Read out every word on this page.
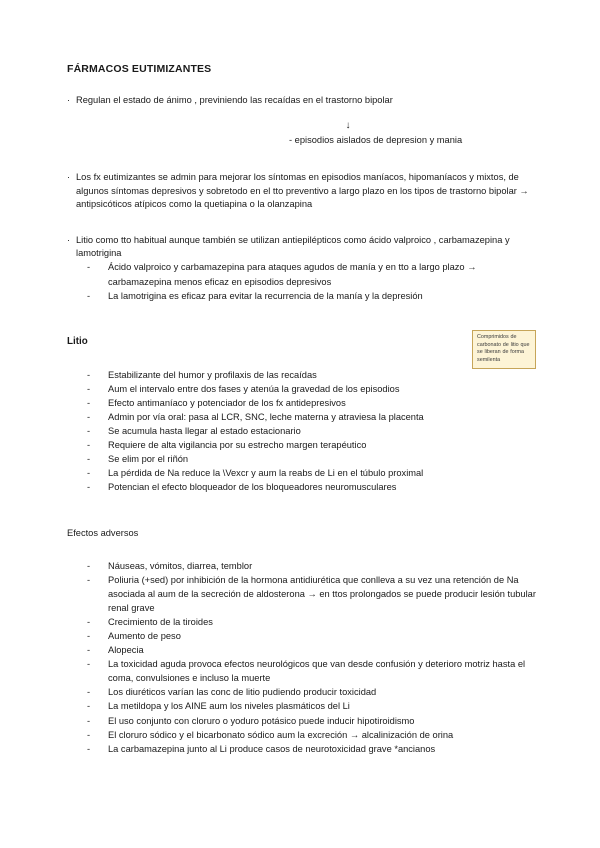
FÁRMACOS EUTIMIZANTES
· Regulan el estado de ánimo , previniendo las recaídas en el trastorno bipolar
↓
- episodios aislados de depresion y mania
· Los fx eutimizantes se admin para mejorar los síntomas en episodios maníacos, hipomaníacos y mixtos, de algunos síntomas depresivos y sobretodo en el tto preventivo a largo plazo en los tipos de trastorno bipolar → antipsicóticos atípicos como la quetiapina o la olanzapina
· Litio como tto habitual aunque también se utilizan antiepilépticos como ácido valproico , carbamazepina y lamotrigina
- Ácido valproico y carbamazepina para ataques agudos de manía y en tto a largo plazo → carbamazepina menos eficaz en episodios depresivos
- La lamotrigina es eficaz para evitar la recurrencia de la manía y la depresión
Litio
- Estabilizante del humor y profilaxis de las recaídas
- Aum el intervalo entre dos fases y atenúa la gravedad de los episodios
- Efecto antimaníaco y potenciador de los fx antidepresivos
- Admin por vía oral: pasa al LCR, SNC, leche materna y atraviesa la placenta
- Se acumula hasta llegar al estado estacionario
- Requiere de alta vigilancia por su estrecho margen terapéutico
- Se elim por el riñón
- La pérdida de Na reduce la \Vexcr y aum la reabs de Li en el túbulo proximal
- Potencian el efecto bloqueador de los bloqueadores neuromusculares
Efectos adversos
- Náuseas, vómitos, diarrea, temblor
- Poliuria (+sed) por inhibición de la hormona antidiurética que conlleva a su vez una retención de Na asociada al aum de la secreción de aldosterona → en ttos prolongados se puede producir lesión tubular renal grave
- Crecimiento de la tiroides
- Aumento de peso
- Alopecia
- La toxicidad aguda provoca efectos neurológicos que van desde confusión y deterioro motriz hasta el coma, convulsiones e incluso la muerte
- Los diuréticos varían las conc de litio pudiendo producir toxicidad
- La metildopa y los AINE aum los niveles plasmáticos del Li
- El uso conjunto con cloruro o yoduro potásico puede inducir hipotiroidismo
- El cloruro sódico y el bicarbonato sódico aum la excreción → alcalinización de orina
- La carbamazepina junto al Li produce casos de neurotoxicidad grave *ancianos
Comprimidos de carbonato de litio que se liberan de forma semilenta
